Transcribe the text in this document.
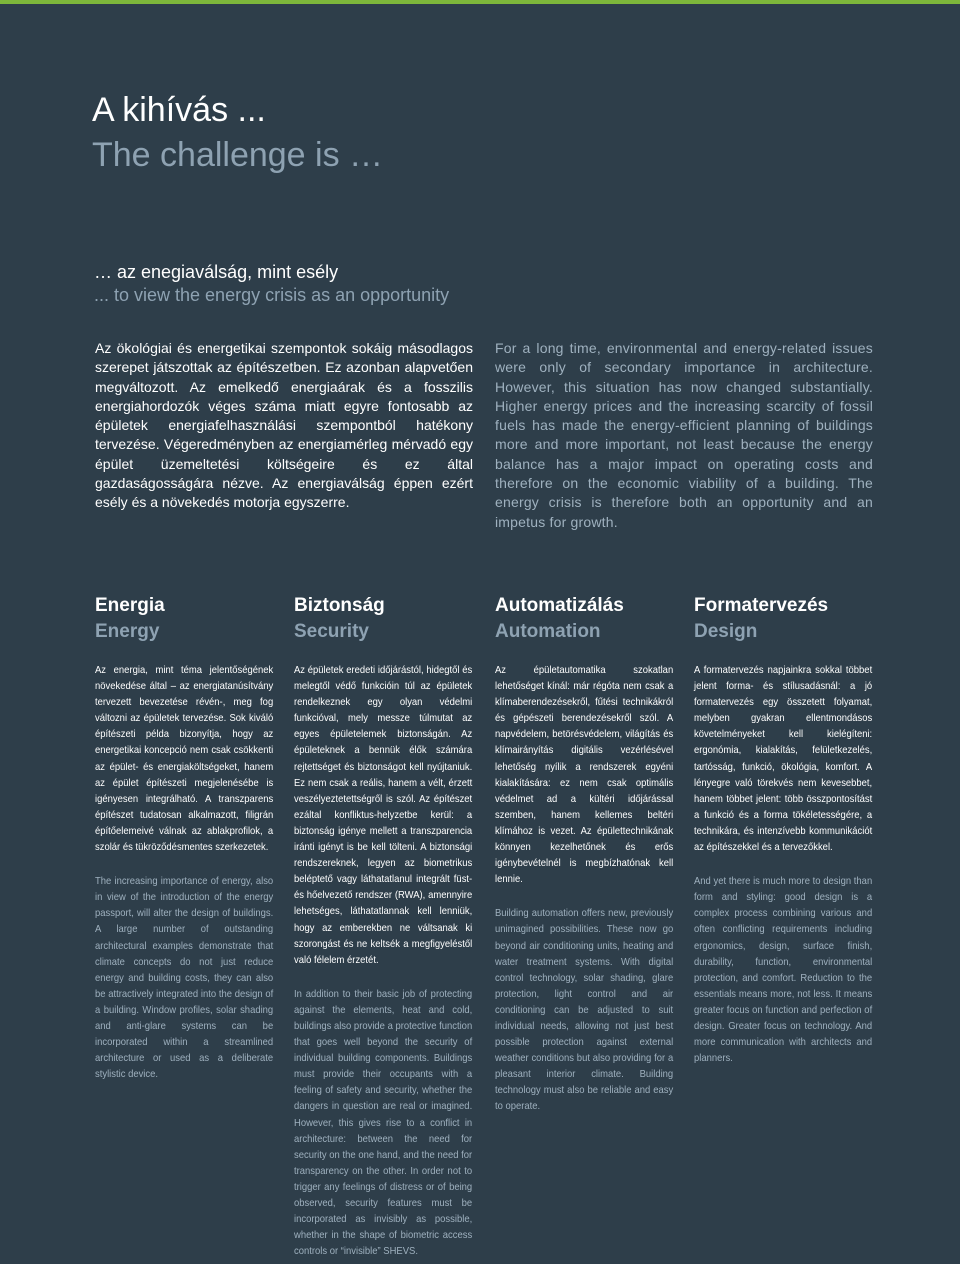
A kihívás ...
The challenge is …
… az enegiaválság, mint esély
... to view the energy crisis as an opportunity

Az ökológiai és energetikai szempontok sokáig másodlagos szerepet játszottak az építészetben. Ez azonban alapvetően megváltozott. Az emelkedő energiaárak és a fosszilis energiahordozók véges száma miatt egyre fontosabb az épületek energiafelhasználási szempontból hatékony tervezése. Végeredményben az energiamérleg mérvadó egy épület üzemeltetési költségeire és ez által gazdaságosságára nézve. Az energiaválság éppen ezért esély és a növekedés motorja egyszerre.

For a long time, environmental and energy-related issues were only of secondary importance in architecture. However, this situation has now changed substantially. Higher energy prices and the increasing scarcity of fossil fuels has made the energy-efficient planning of buildings more and more important, not least because the energy balance has a major impact on operating costs and therefore on the economic viability of a building. The energy crisis is therefore both an opportunity and an impetus for growth.

Energia
Energy

Az energia, mint téma jelentőségének növekedése által – az energiatanúsítvány tervezett bevezetése révén-, meg fog változni az épületek tervezése. Sok kiváló építészeti példa bizonyítja, hogy az energetikai koncepció nem csak csökkenti az épület- és energiaköltségeket, hanem az épület építészeti megjelenésébe is igényesen integrálható. A transzparens építészet tudatosan alkalmazott, filigrán építőelemeivé válnak az ablakprofilok, a szolár és tükröződésmentes szerkezetek.

The increasing importance of energy, also in view of the introduction of the energy passport, will alter the design of buildings. A large number of outstanding architectural examples demonstrate that climate concepts do not just reduce energy and building costs, they can also be attractively integrated into the design of a building. Window profiles, solar shading and anti-glare systems can be incorporated within a streamlined architecture or used as a deliberate stylistic device.

Biztonság
Security

Az épületek eredeti időjárástól, hidegtől és melegtől védő funkcióin túl az épületek rendelkeznek egy olyan védelmi funkcióval, mely messze túlmutat az egyes épületelemek biztonságán. Az épületeknek a bennük élők számára rejtettséget és biztonságot kell nyújtaniuk. Ez nem csak a reális, hanem a vélt, érzett veszélyeztetettségről is szól. Az építészet ezáltal konfliktus-helyzetbe kerül: a biztonság igénye mellett a transzparencia iránti igényt is be kell tölteni. A biztonsági rendszereknek, legyen az biometrikus beléptető vagy láthatatlanul integrált füst- és hőelvezető rendszer (RWA), amennyire lehetséges, láthatatlannak kell lenniük, hogy az emberekben ne váltsanak ki szorongást és ne keltsék a megfigyeléstől való félelem érzetét.

In addition to their basic job of protecting against the elements, heat and cold, buildings also provide a protective function that goes well beyond the security of individual building components. Buildings must provide their occupants with a feeling of safety and security, whether the dangers in question are real or imagined. However, this gives rise to a conflict in architecture: between the need for security on the one hand, and the need for transparency on the other. In order not to trigger any feelings of distress or of being observed, security features must be incorporated as invisibly as possible, whether in the shape of biometric access controls or “invisible” SHEVS.

Automatizálás
Automation

Az épületautomatika szokatlan lehetőséget kínál: már régóta nem csak a klímaberendezésekről, fűtési technikákról és gépészeti berendezésekről szól. A napvédelem, betörésvédelem, világítás és klímairányítás digitális vezérlésével lehetőség nyílik a rendszerek egyéni kialakítására: ez nem csak optimális védelmet ad a kültéri időjárással szemben, hanem kellemes beltéri klímához is vezet. Az épülettechnikának könnyen kezelhetőnek és erős igénybevételnél is megbízhatónak kell lennie.

Building automation offers new, previously unimagined possibilities. These now go beyond air conditioning units, heating and water treatment systems. With digital control technology, solar shading, glare protection, light control and air conditioning can be adjusted to suit individual needs, allowing not just best possible protection against external weather conditions but also providing for a pleasant interior climate. Building technology must also be reliable and easy to operate.

Formatervezés
Design

A formatervezés napjainkra sokkal többet jelent forma- és stílusadásnál: a jó formatervezés egy összetett folyamat, melyben gyakran ellentmondásos követelményeket kell kielégíteni: ergonómia, kialakítás, felületkezelés, tartósság, funkció, ökológia, komfort. A lényegre való törekvés nem kevesebbet, hanem többet jelent: több összpontosítást a funkció és a forma tökéletességére, a technikára, és intenzívebb kommunikációt az építészekkel és a tervezőkkel.

And yet there is much more to design than form and styling: good design is a complex process combining various and often conflicting requirements including ergonomics, design, surface finish, durability, function, environmental protection, and comfort. Reduction to the essentials means more, not less. It means greater focus on function and perfection of design. Greater focus on technology. And more communication with architects and planners.
